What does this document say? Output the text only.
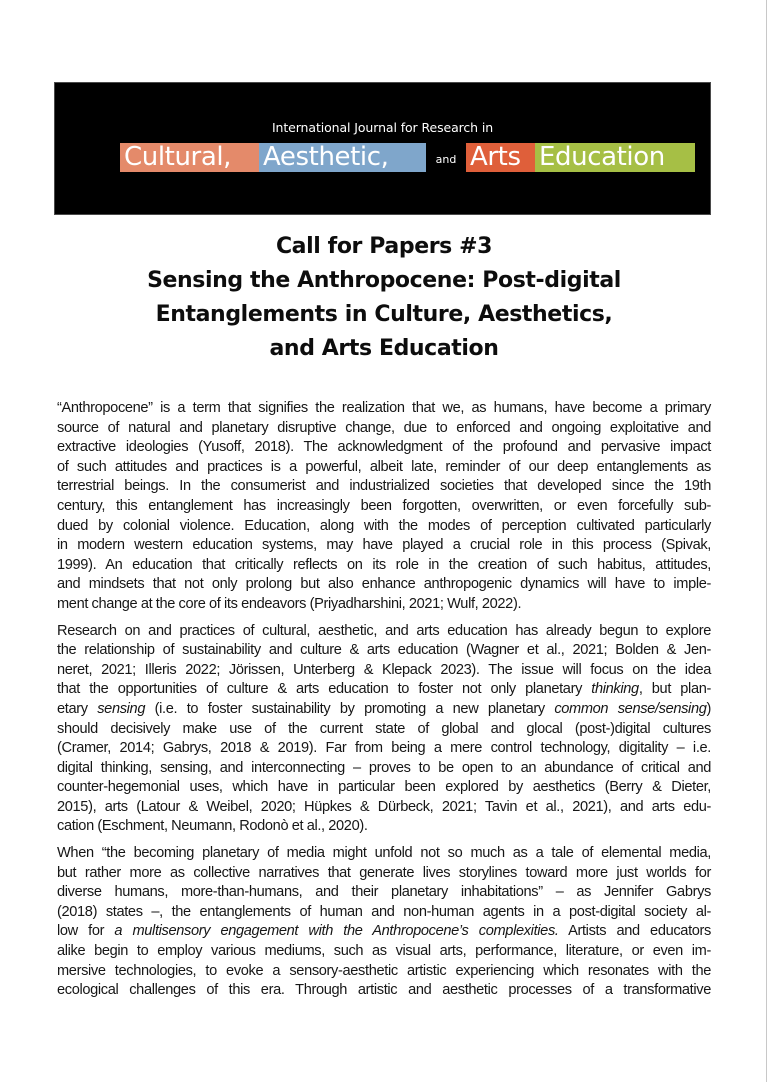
International Journal for Research in
Cultural,	Aesthetic,	and Arts Education
Call for Papers #3
Sensing the Anthropocene: Post-digital
Entanglements in Culture, Aesthetics,
and Arts Education

“Anthropocene” is a term that signifies the realization that we, as humans, have become a primary
source of natural and planetary disruptive change, due to enforced and ongoing exploitative and
extractive ideologies (Yusoff, 2018). The acknowledgment of the profound and pervasive impact
of such attitudes and practices is a powerful, albeit late, reminder of our deep entanglements as
terrestrial beings. In the consumerist and industrialized societies that developed since the 19th
century, this entanglement has increasingly been forgotten, overwritten, or even forcefully sub-
dued by colonial violence. Education, along with the modes of perception cultivated particularly
in modern western education systems, may have played a crucial role in this process (Spivak,
1999). An education that critically reflects on its role in the creation of such habitus, attitudes,
and mindsets that not only prolong but also enhance anthropogenic dynamics will have to imple-
ment change at the core of its endeavors (Priyadharshini, 2021; Wulf, 2022).

Research on and practices of cultural, aesthetic, and arts education has already begun to explore
the relationship of sustainability and culture & arts education (Wagner et al., 2021; Bolden & Jen-
neret, 2021; Illeris 2022; Jörissen, Unterberg & Klepack 2023). The issue will focus on the idea
that the opportunities of culture & arts education to foster not only planetary thinking, but plan-
etary sensing (i.e. to foster sustainability by promoting a new planetary common sense/sensing)
should decisively make use of the current state of global and glocal (post-)digital cultures
(Cramer, 2014; Gabrys, 2018 & 2019). Far from being a mere control technology, digitality – i.e.
digital thinking, sensing, and interconnecting – proves to be open to an abundance of critical and
counter-hegemonial uses, which have in particular been explored by aesthetics (Berry & Dieter,
2015), arts (Latour & Weibel, 2020; Hüpkes & Dürbeck, 2021; Tavin et al., 2021), and arts edu-
cation (Eschment, Neumann, Rodonò et al., 2020).

When “the becoming planetary of media might unfold not so much as a tale of elemental media,
but rather more as collective narratives that generate lives storylines toward more just worlds for
diverse humans, more-than-humans, and their planetary inhabitations” – as Jennifer Gabrys
(2018) states –, the entanglements of human and non-human agents in a post-digital society al-
low for a multisensory engagement with the Anthropocene’s complexities. Artists and educators
alike begin to employ various mediums, such as visual arts, performance, literature, or even im-
mersive technologies, to evoke a sensory-aesthetic artistic experiencing which resonates with the
ecological challenges of this era. Through artistic and aesthetic processes of a transformative
